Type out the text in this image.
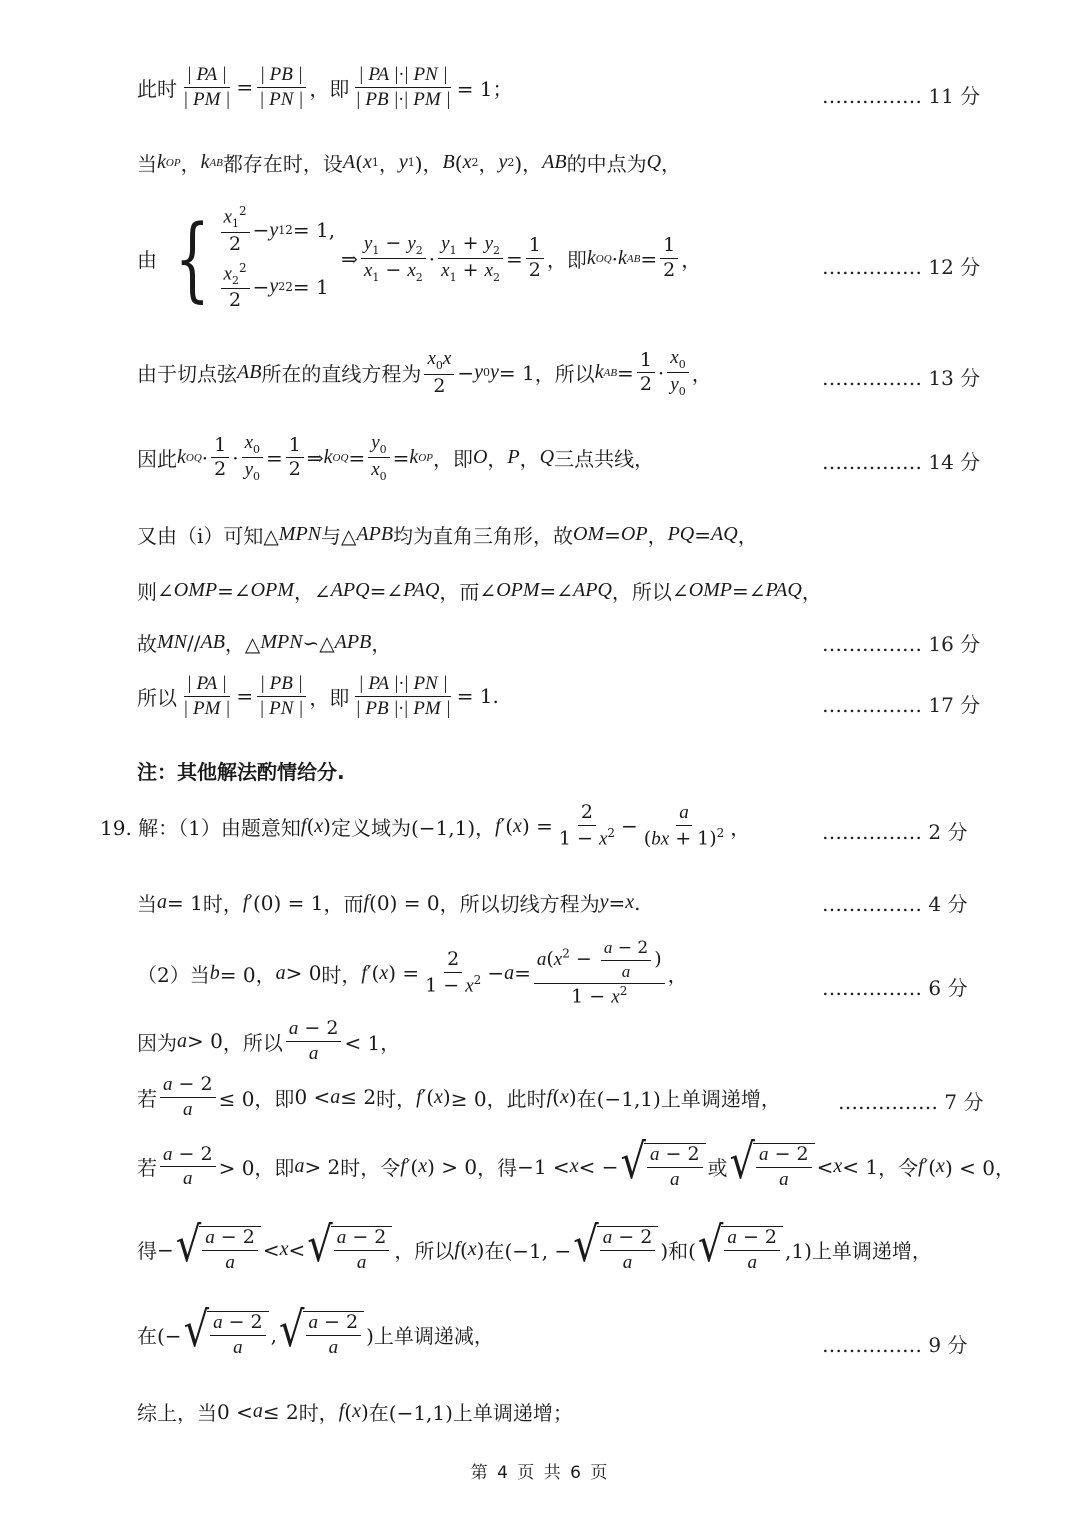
此时 $\frac{| PA |}{| PM |} = \frac{| PB |}{| PN |}$ ，即 $\frac{| PA |\cdot| PN |}{| PB |\cdot| PM |} = 1$；	…………… 11 分
当 k OP ， k AB 都存在时，设 A ( x 1 ， y 1 )， B ( x 2 ， y 2 )， AB 的中点为 Q ，
由 { $\frac{x_1^2}{2} - y$ 1 2 = 1,
$\frac{x_2^2}{2} - y$ 2 2 = 1
⇒ $\frac{y_1 - y_2}{x_1 - x_2} \cdot \frac{y_1 + y_2}{x_1 + x_2} = \frac{1}{2}$ ，即 k OQ · k AB = $\frac{1}{2}$ ，	…………… 12 分
由于切点弦 AB 所在的直线方程为 $\frac{x_0x}{2} - y$ 0 y = 1 ，所以 k AB = $\frac{1}{2} \cdot \frac{x_0}{y_0}$ ，	…………… 13 分
因此 k OQ · $\frac{1}{2} \cdot \frac{x_0}{y_0} = \frac{1}{2}$ ⇒ k OQ = $\frac{y_0}{x_0} = k$ OP ，即 O ， P ， Q 三点共线，	…………… 14 分
又由（i）可知△ MPN 与△ APB 均为直角三角形，故 OM = OP ， PQ = AQ ，
则 ∠ OMP =∠ OPM ，∠ APQ =∠ PAQ ，而 ∠ OPM =∠ APQ ，所以 ∠ OMP =∠ PAQ ，
故 MN // AB ，△ MPN ∽△ APB ，	…………… 16 分
所以 $\frac{| PA |}{| PM |} = \frac{| PB |}{| PN |}$ ，即 $\frac{| PA |\cdot| PN |}{| PB |\cdot| PM |} = 1$.	…………… 17 分
注：其他解法酌情给分.
19. 解：（1）由题意知 f ( x ) 定义域为(−1,1)， f ′( x ) = $\frac{2}{1 - x^2} - \frac{a}{(bx + 1)^2}$ ，	…………… 2 分
当 a = 1 时， f ′(0) = 1 ，而 f (0) = 0 ，所以切线方程为 y = x .	…………… 4 分
（2）当 b = 0， a > 0 时， f ′( x ) = $\frac{2}{1 - x^2} - a = \frac{a(x^2 - \frac{a - 2}{a} )}{1 - x^2}$ ，
…………… 6 分
因为 a > 0 ，所以 $\frac{a - 2}{a} < 1$，
若 $\frac{a - 2}{a} \le 0$，即 0 < a ≤ 2 时， f ′( x ) ≥ 0，此时 f ( x ) 在(−1,1)上单调递增，	…………… 7 分
若 $\frac{a - 2}{a} > 0$，即 a > 2 时，令 f ′( x ) > 0 ，得 −1 < x < − √ $\frac{a - 2}{a}$ 或 √ $\frac{a - 2}{a} < x < 1$ ，令 f ′( x ) < 0，
得 − √ $\frac{a - 2}{a} < x$ < √ $\frac{a - 2}{a}$ ，所以 f ( x ) 在(−1, − √ $\frac{a - 2}{a}$ )和( √ $\frac{a - 2}{a} ,1$)上单调递增，
在(− √ $\frac{a - 2}{a}$ , √ $\frac{a - 2}{a}$ )上单调递减，	…………… 9 分
综上，当 0 < a ≤ 2 时， f ( x ) 在(−1,1)上单调递增；
第 4 页 共 6 页
